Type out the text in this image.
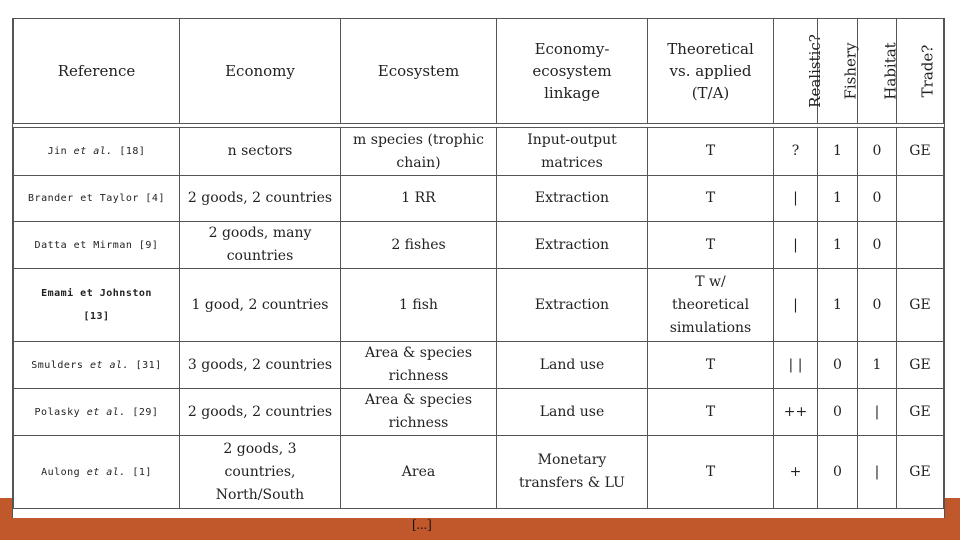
Reference	Economy	Ecosystem	Economy-ecosystem linkage	Theoretical vs. applied (T/A)	Realistic?	Fishery	Habitat	Trade?

Jin et al. [18]	n sectors	m species (trophic chain)	Input-output matrices	T	?	1	0	GE
Brander et Taylor [4]	2 goods, 2 countries	1 RR	Extraction	T	|	1	0	
Datta et Mirman [9]	2 goods, many countries	2 fishes	Extraction	T	|	1	0	
Emami et Johnston [13]	1 good, 2 countries	1 fish	Extraction	T w/ theoretical simulations	|	1	0	GE
Smulders et al. [31]	3 goods, 2 countries	Area & species richness	Land use	T	| |	0	1	GE
Polasky et al. [29]	2 goods, 2 countries	Area & species richness	Land use	T	++	0	|	GE
Aulong et al. [1]	2 goods, 3 countries, North/South	Area	Monetary transfers & LU	T	+	0	|	GE
[...]
